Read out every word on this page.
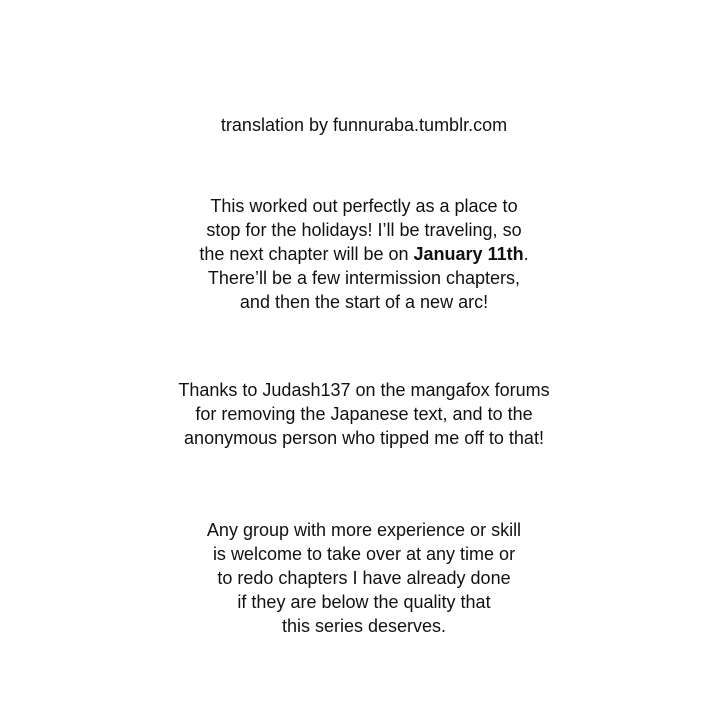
translation by funnuraba.tumblr.com

This worked out perfectly as a place to
stop for the holidays! I’ll be traveling, so
the next chapter will be on January 11th.
There’ll be a few intermission chapters,
and then the start of a new arc!

Thanks to Judash137 on the mangafox forums
for removing the Japanese text, and to the
anonymous person who tipped me off to that!

Any group with more experience or skill
is welcome to take over at any time or
to redo chapters I have already done
if they are below the quality that
this series deserves.
